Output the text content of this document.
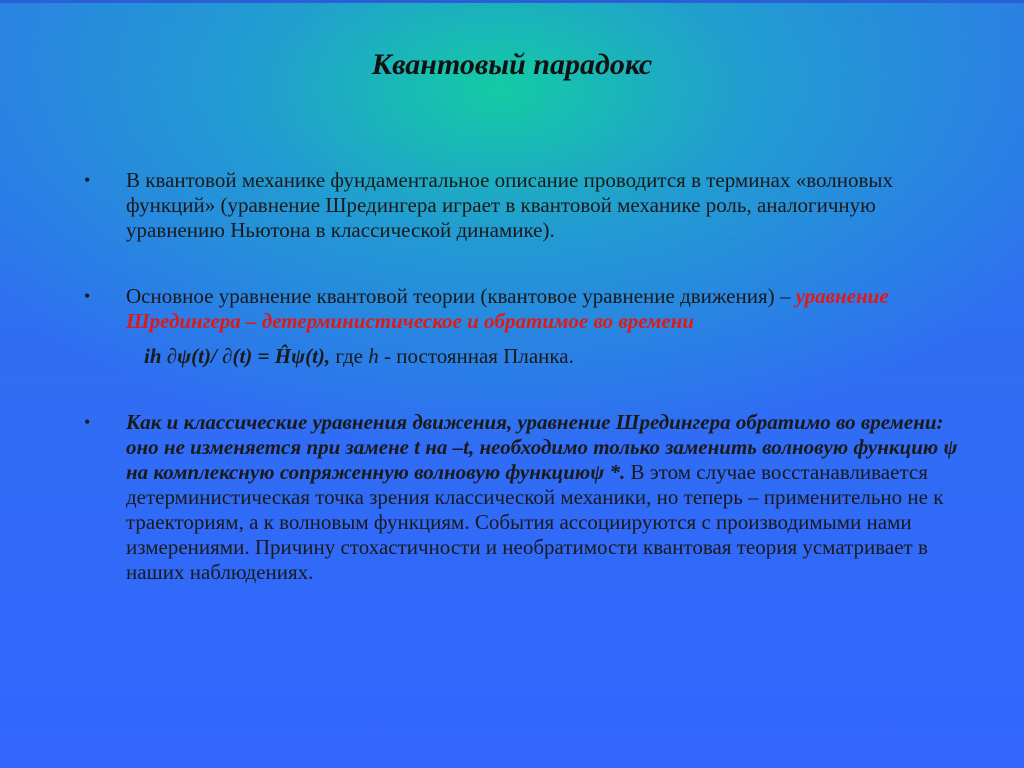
Квантовый парадокс
•	В квантовой механике фундаментальное описание проводится в терминах «волновых функций» (уравнение Шредингера играет в квантовой механике роль, аналогичную уравнению Ньютона в классической динамике).
•	Основное уравнение квантовой теории (квантовое уравнение движения) – уравнение Шредингера – детерминистическое и обратимое во времени
ih ∂ψ(t)/ ∂(t) = Ĥψ(t), где h - постоянная Планка.
•	Как и классические уравнения движения, уравнение Шредингера обратимо во времени: оно не изменяется при замене t на –t, необходимо только заменить волновую функцию ψ на комплексную сопряженную волновую функциюψ *. В этом случае восстанавливается детерминистическая точка зрения классической механики, но теперь – применительно не к траекториям, а к волновым функциям. События ассоциируются с производимыми нами измерениями. Причину стохастичности и необратимости квантовая теория усматривает в наших наблюдениях.
